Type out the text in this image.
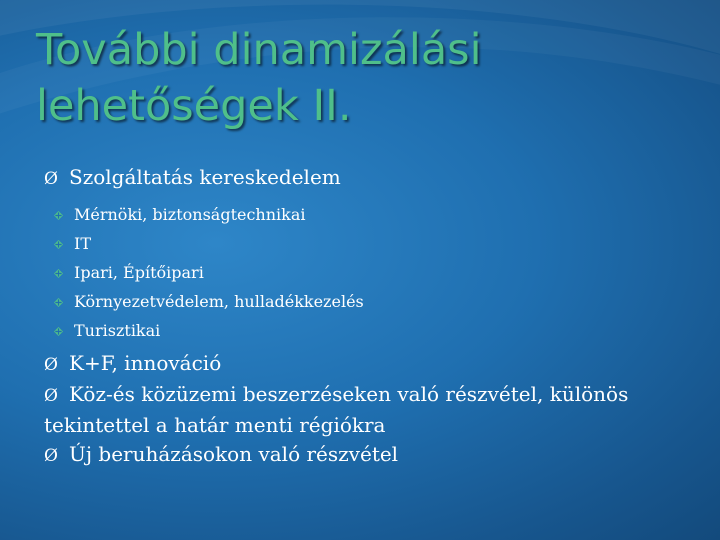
További dinamizálási
lehetőségek II.

Ø Szolgáltatás kereskedelem

Mérnöki, biztonságtechnikai

IT

Ipari, Építőipari

Környezetvédelem, hulladékkezelés

Turisztikai

Ø K+F, innováció

Ø Köz-és közüzemi beszerzéseken való részvétel, különös tekintettel a határ menti régiókra

Ø Új beruházásokon való részvétel
